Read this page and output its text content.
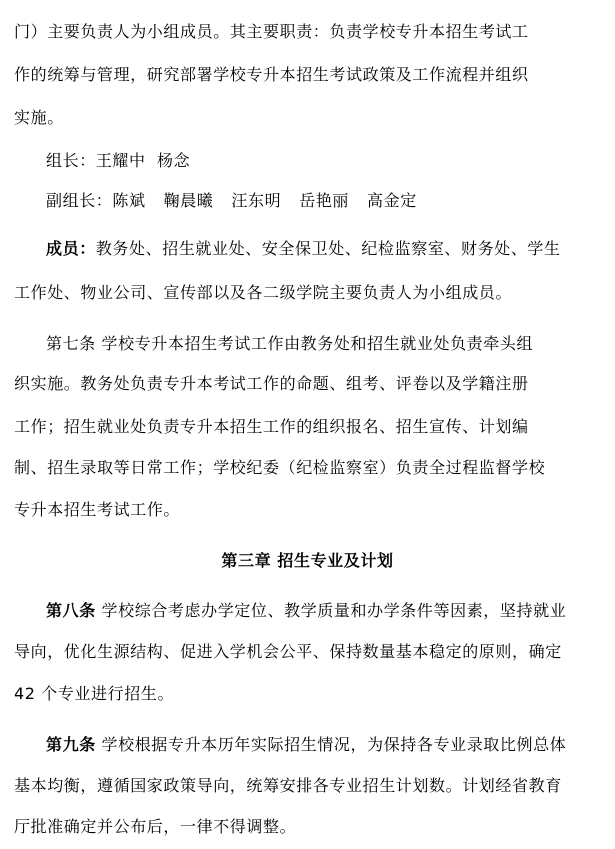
门）主要负责人为小组成员。其主要职责：负责学校专升本招生考试工
作的统筹与管理，研究部署学校专升本招生考试政策及工作流程并组织
实施。
组长：王耀中  杨念
副组长：陈斌 鞠晨曦 汪东明 岳艳丽 高金定
成员：教务处、招生就业处、安全保卫处、纪检监察室、财务处、学生
工作处、物业公司、宣传部以及各二级学院主要负责人为小组成员。
第七条 学校专升本招生考试工作由教务处和招生就业处负责牵头组
织实施。教务处负责专升本考试工作的命题、组考、评卷以及学籍注册
工作；招生就业处负责专升本招生工作的组织报名、招生宣传、计划编
制、招生录取等日常工作；学校纪委（纪检监察室）负责全过程监督学校
专升本招生考试工作。
第三章 招生专业及计划
第八条 学校综合考虑办学定位、教学质量和办学条件等因素，坚持就业
导向，优化生源结构、促进入学机会公平、保持数量基本稳定的原则，确定
42 个专业进行招生。
第九条 学校根据专升本历年实际招生情况，为保持各专业录取比例总体
基本均衡，遵循国家政策导向，统筹安排各专业招生计划数。计划经省教育
厅批准确定并公布后，一律不得调整。
